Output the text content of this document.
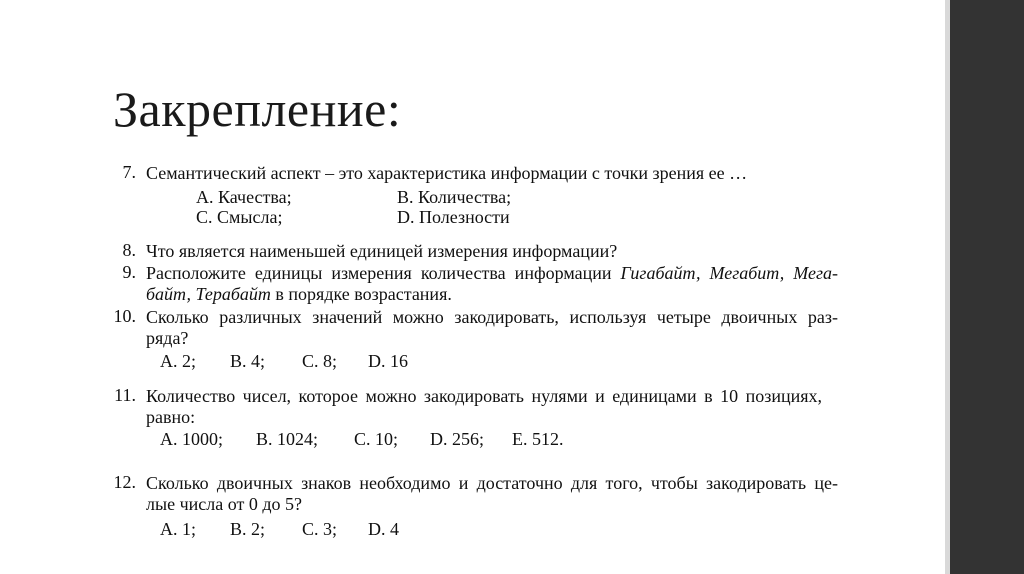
Закрепление:
7. Семантический аспект – это характеристика информации с точки зрения ее …
A. Качества;	B. Количества;
C. Смысла;	D. Полезности
8. Что является наименьшей единицей измерения информации?
9. Расположите единицы измерения количества информации Гигабайт, Мегабит, Мега-
байт, Терабайт в порядке возрастания.
10. Сколько различных значений можно закодировать, используя четыре двоичных раз-
ряда?
A. 2; B. 4; C. 8; D. 16
11. Количество чисел, которое можно закодировать нулями и единицами в 10 позициях,
равно:
A. 1000; B. 1024; C. 10; D. 256; E. 512.
12. Сколько двоичных знаков необходимо и достаточно для того, чтобы закодировать це-
лые числа от 0 до 5?
A. 1; B. 2; C. 3; D. 4
